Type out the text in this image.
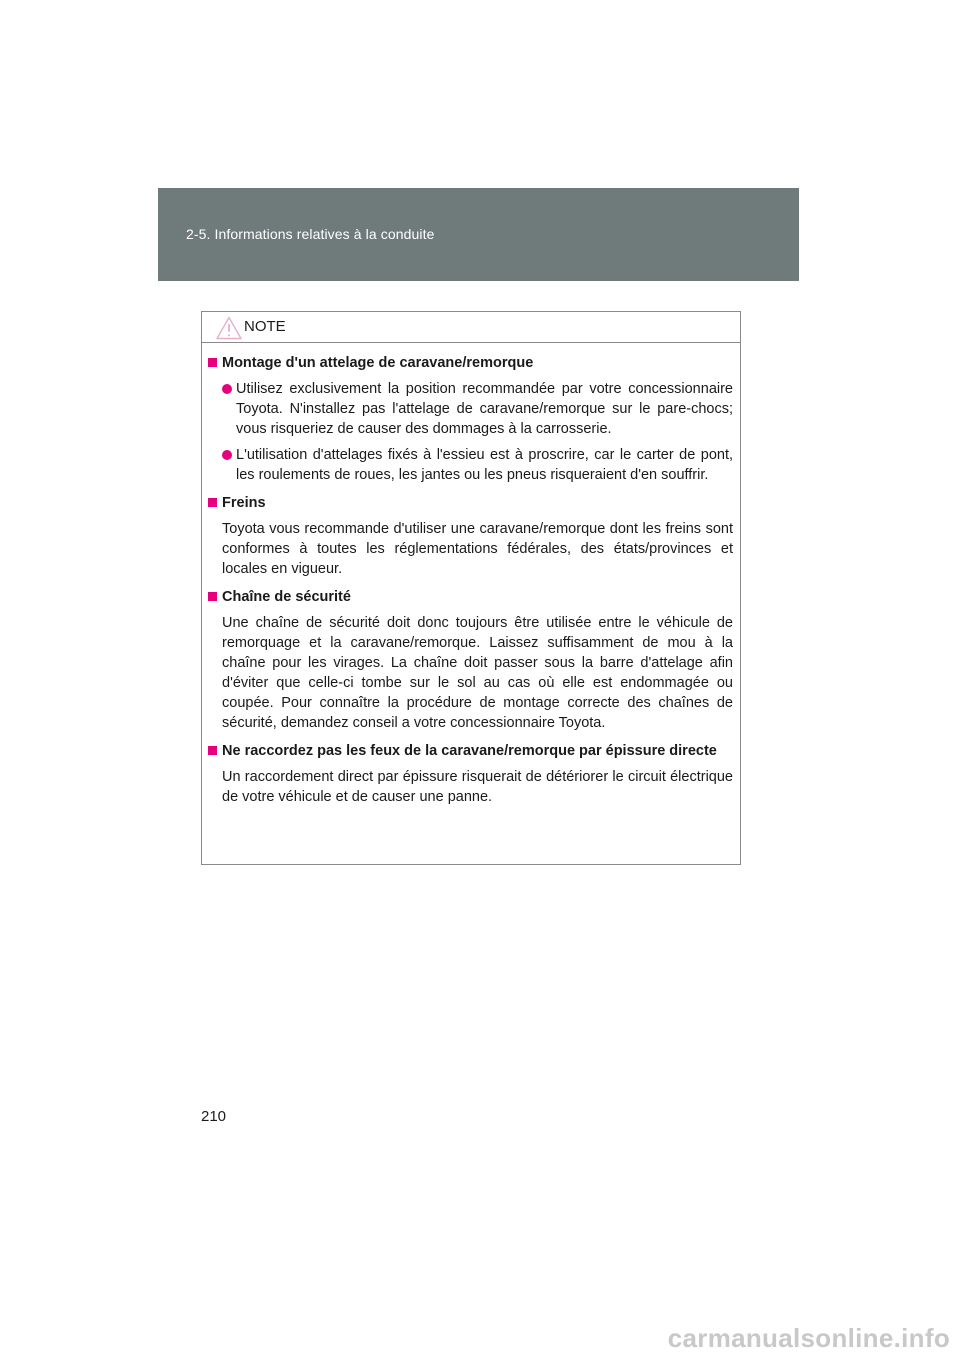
2-5. Informations relatives à la conduite
NOTE
Montage d'un attelage de caravane/remorque
Utilisez exclusivement la position recommandée par votre concessionnaire Toyota. N'installez pas l'attelage de caravane/remorque sur le pare-chocs; vous risqueriez de causer des dommages à la carrosserie.
L'utilisation d'attelages fixés à l'essieu est à proscrire, car le carter de pont, les roulements de roues, les jantes ou les pneus risqueraient d'en souffrir.
Freins
Toyota vous recommande d'utiliser une caravane/remorque dont les freins sont conformes à toutes les réglementations fédérales, des états/provinces et locales en vigueur.
Chaîne de sécurité
Une chaîne de sécurité doit donc toujours être utilisée entre le véhicule de remorquage et la caravane/remorque. Laissez suffisamment de mou à la chaîne pour les virages. La chaîne doit passer sous la barre d'attelage afin d'éviter que celle-ci tombe sur le sol au cas où elle est endommagée ou coupée. Pour connaître la procédure de montage correcte des chaînes de sécurité, demandez conseil a votre concessionnaire Toyota.
Ne raccordez pas les feux de la caravane/remorque par épissure directe
Un raccordement direct par épissure risquerait de détériorer le circuit électrique de votre véhicule et de causer une panne.
210
carmanualsonline.info
